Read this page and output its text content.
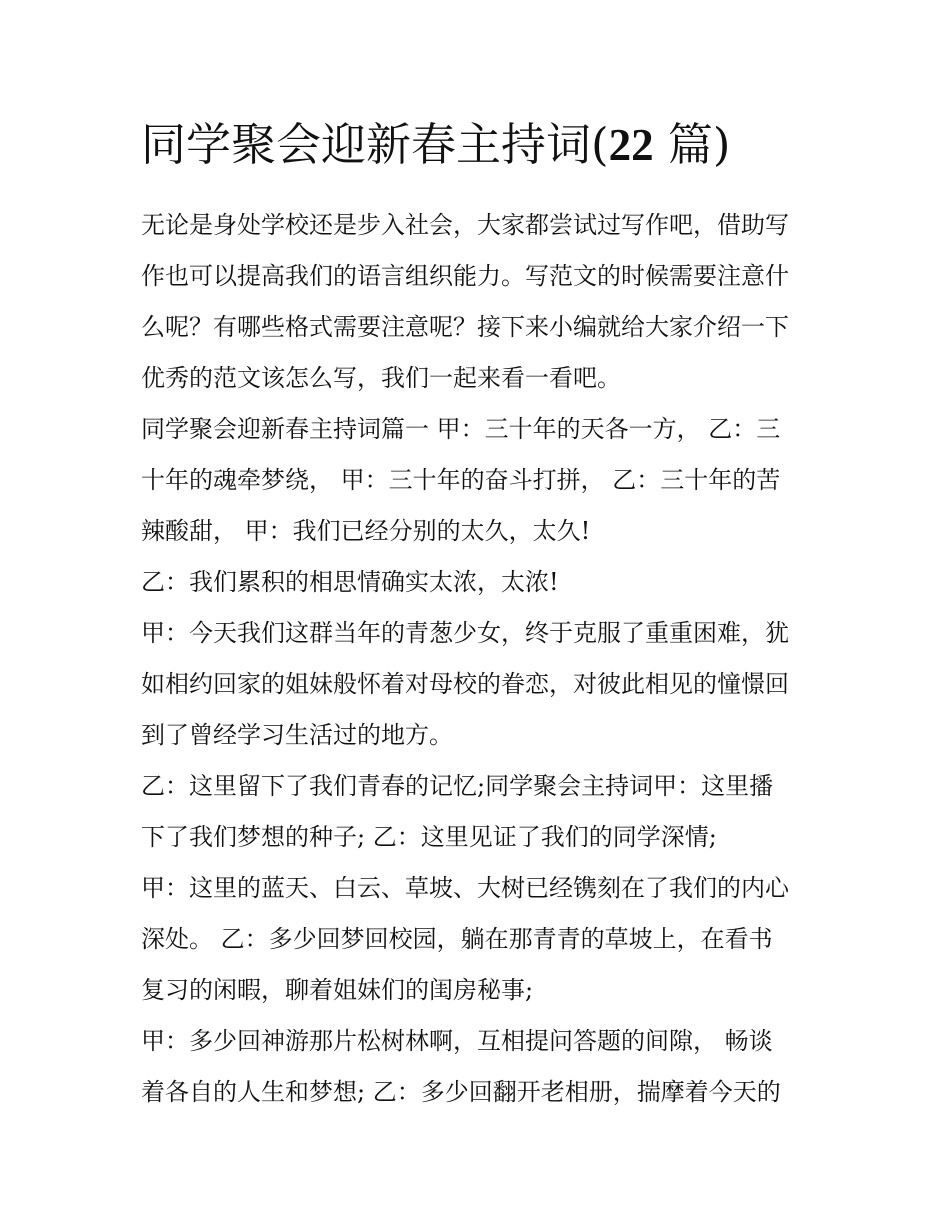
同学聚会迎新春主持词(22 篇)
无论是身处学校还是步入社会，大家都尝试过写作吧，借助写
作也可以提高我们的语言组织能力。写范文的时候需要注意什
么呢？有哪些格式需要注意呢？接下来小编就给大家介绍一下
优秀的范文该怎么写，我们一起来看一看吧。
同学聚会迎新春主持词篇一 甲：三十年的天各一方， 乙：三
十年的魂牵梦绕， 甲：三十年的奋斗打拼， 乙：三十年的苦
辣酸甜， 甲：我们已经分别的太久，太久!
乙：我们累积的相思情确实太浓，太浓!
甲：今天我们这群当年的青葱少女，终于克服了重重困难，犹
如相约回家的姐妹般怀着对母校的眷恋，对彼此相见的憧憬回
到了曾经学习生活过的地方。
乙：这里留下了我们青春的记忆;同学聚会主持词甲：这里播
下了我们梦想的种子; 乙：这里见证了我们的同学深情;
甲：这里的蓝天、白云、草坡、大树已经镌刻在了我们的内心
深处。 乙：多少回梦回校园，躺在那青青的草坡上，在看书
复习的闲暇，聊着姐妹们的闺房秘事;
甲：多少回神游那片松树林啊，互相提问答题的间隙， 畅谈
着各自的人生和梦想; 乙：多少回翻开老相册，揣摩着今天的
